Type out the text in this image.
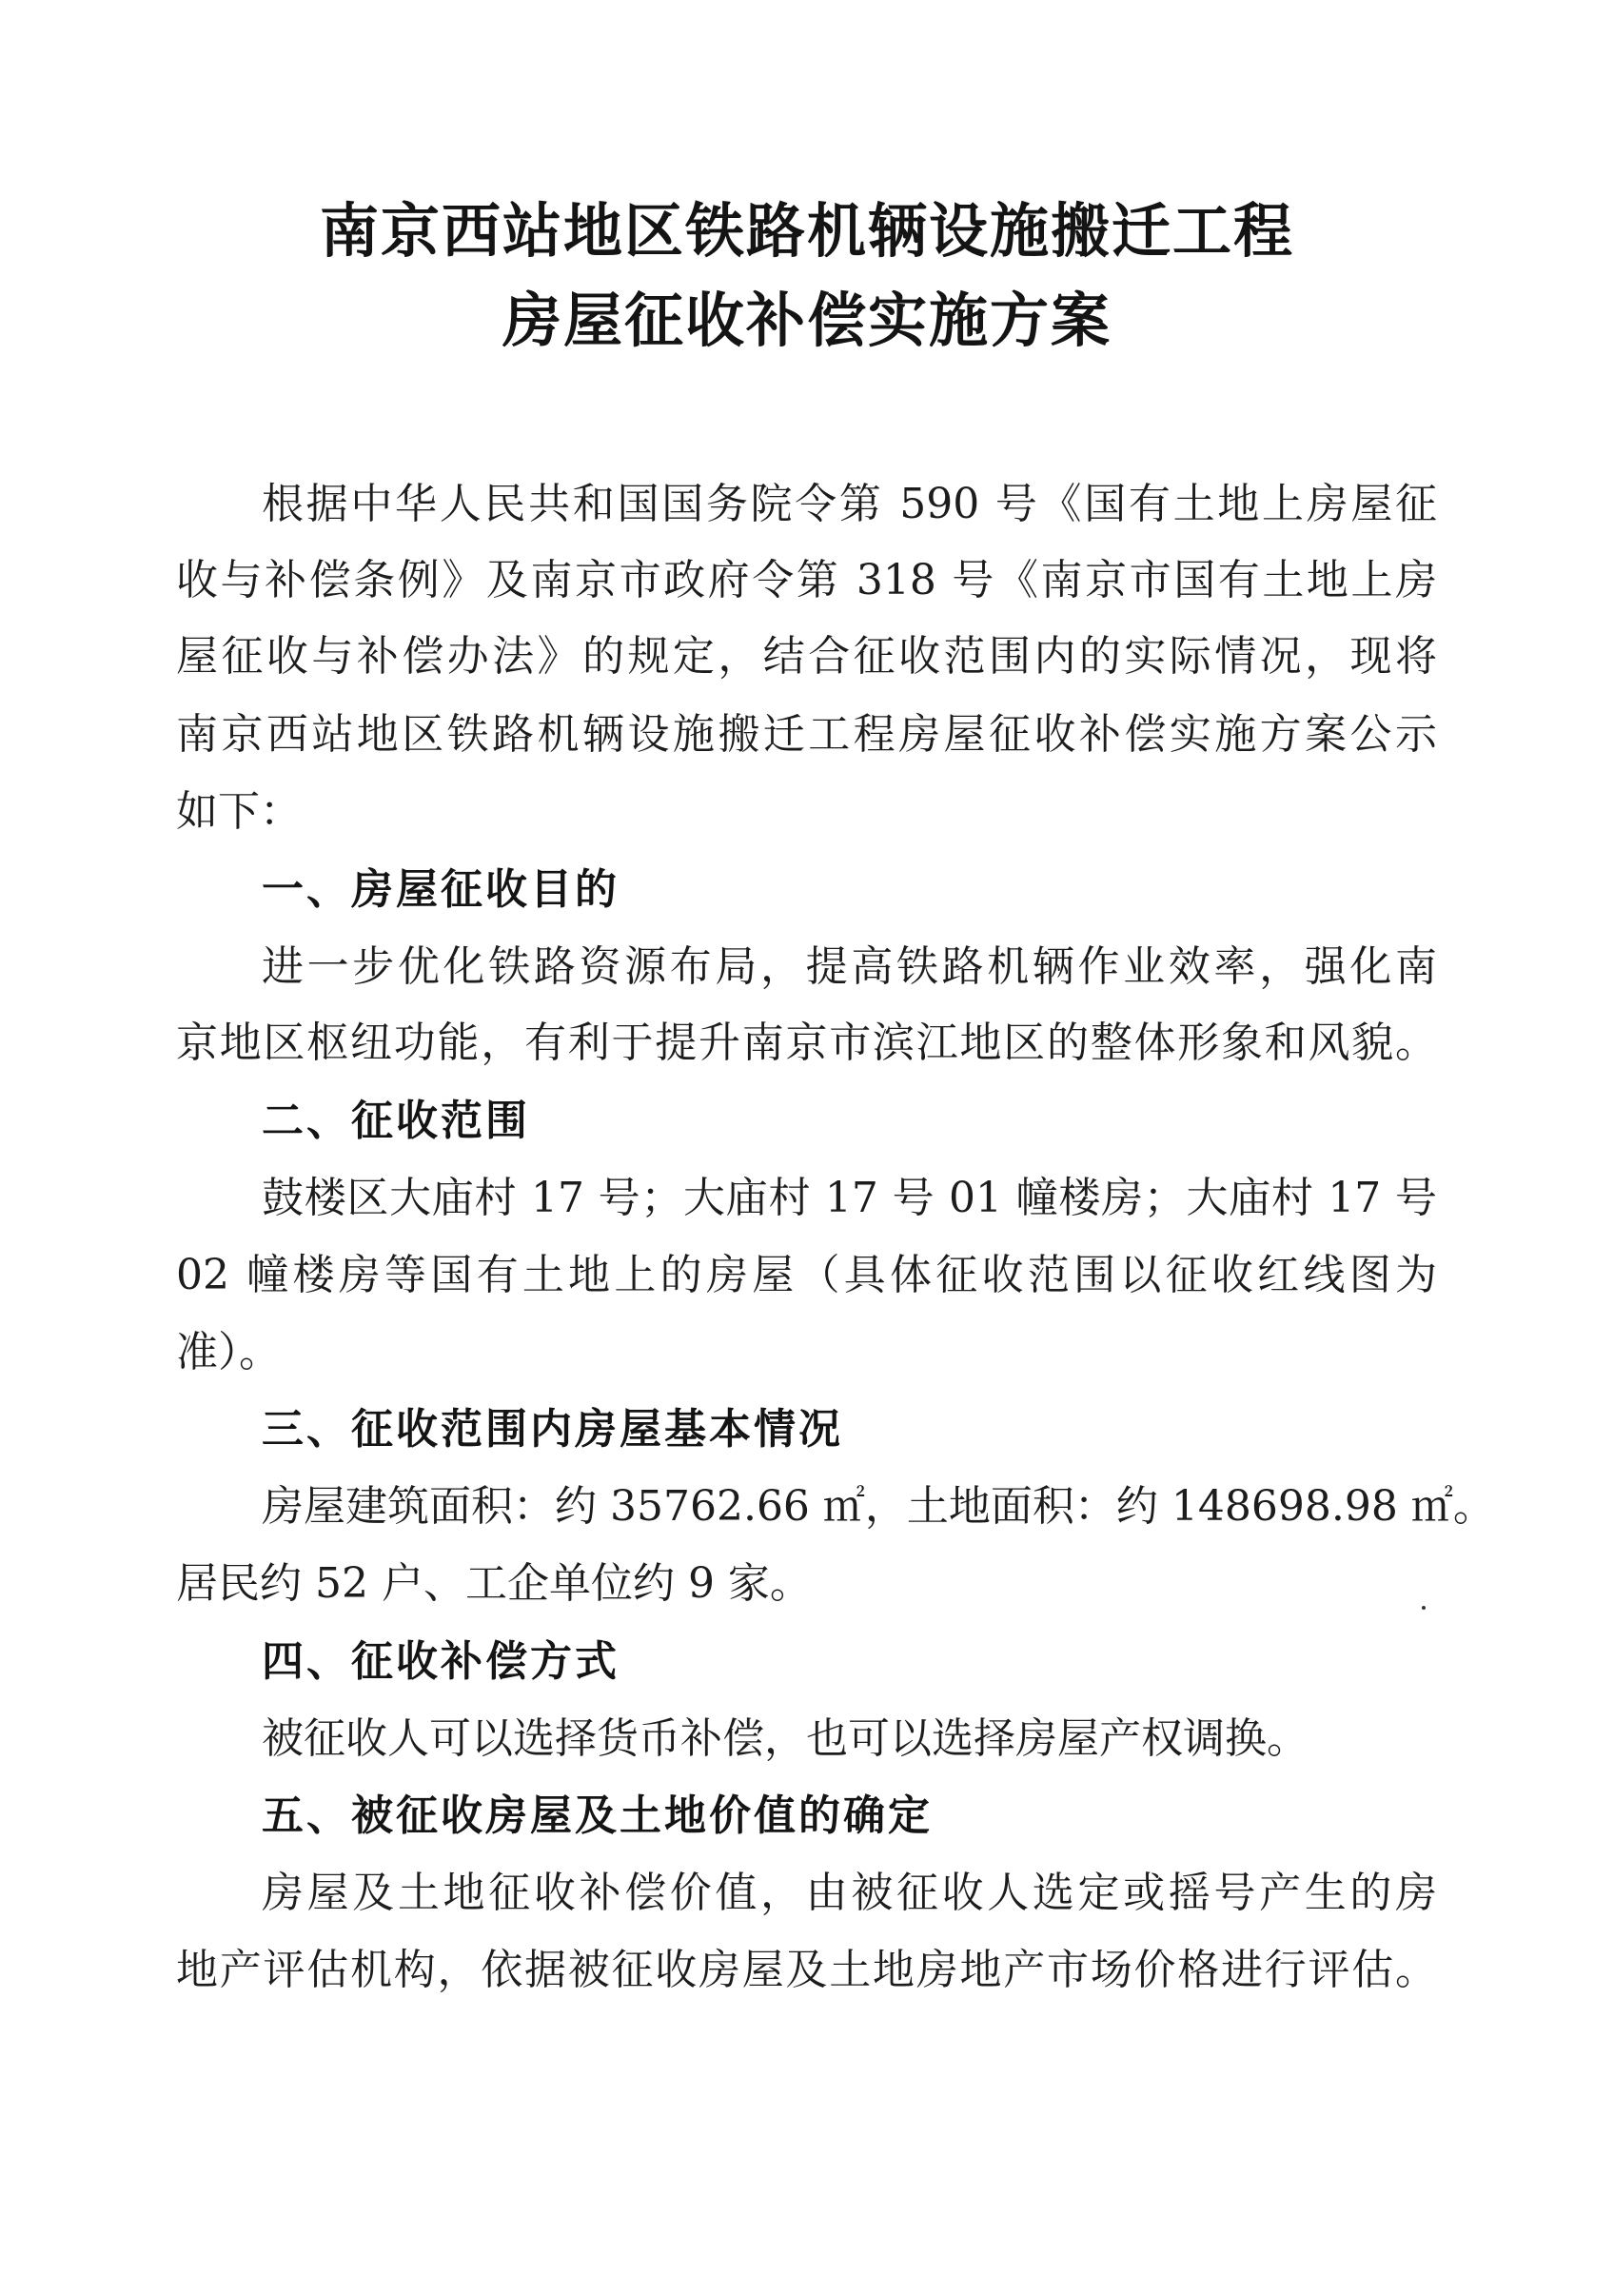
南京西站地区铁路机辆设施搬迁工程
房屋征收补偿实施方案
根据中华人民共和国国务院令第 590 号《国有土地上房屋征
收与补偿条例》及南京市政府令第 318 号《南京市国有土地上房
屋征收与补偿办法》的规定，结合征收范围内的实际情况，现将
南京西站地区铁路机辆设施搬迁工程房屋征收补偿实施方案公示
如下：
一、房屋征收目的
进一步优化铁路资源布局，提高铁路机辆作业效率，强化南
京地区枢纽功能，有利于提升南京市滨江地区的整体形象和风貌。
二、征收范围
鼓楼区大庙村 17 号；大庙村 17 号 01 幢楼房；大庙村 17 号
02 幢楼房等国有土地上的房屋（具体征收范围以征收红线图为
准）。
三、征收范围内房屋基本情况
房屋建筑面积：约 35762.66 ㎡，土地面积：约 148698.98 ㎡。
居民约 52 户、工企单位约 9 家。
四、征收补偿方式
被征收人可以选择货币补偿，也可以选择房屋产权调换。
五、被征收房屋及土地价值的确定
房屋及土地征收补偿价值，由被征收人选定或摇号产生的房
地产评估机构，依据被征收房屋及土地房地产市场价格进行评估。
